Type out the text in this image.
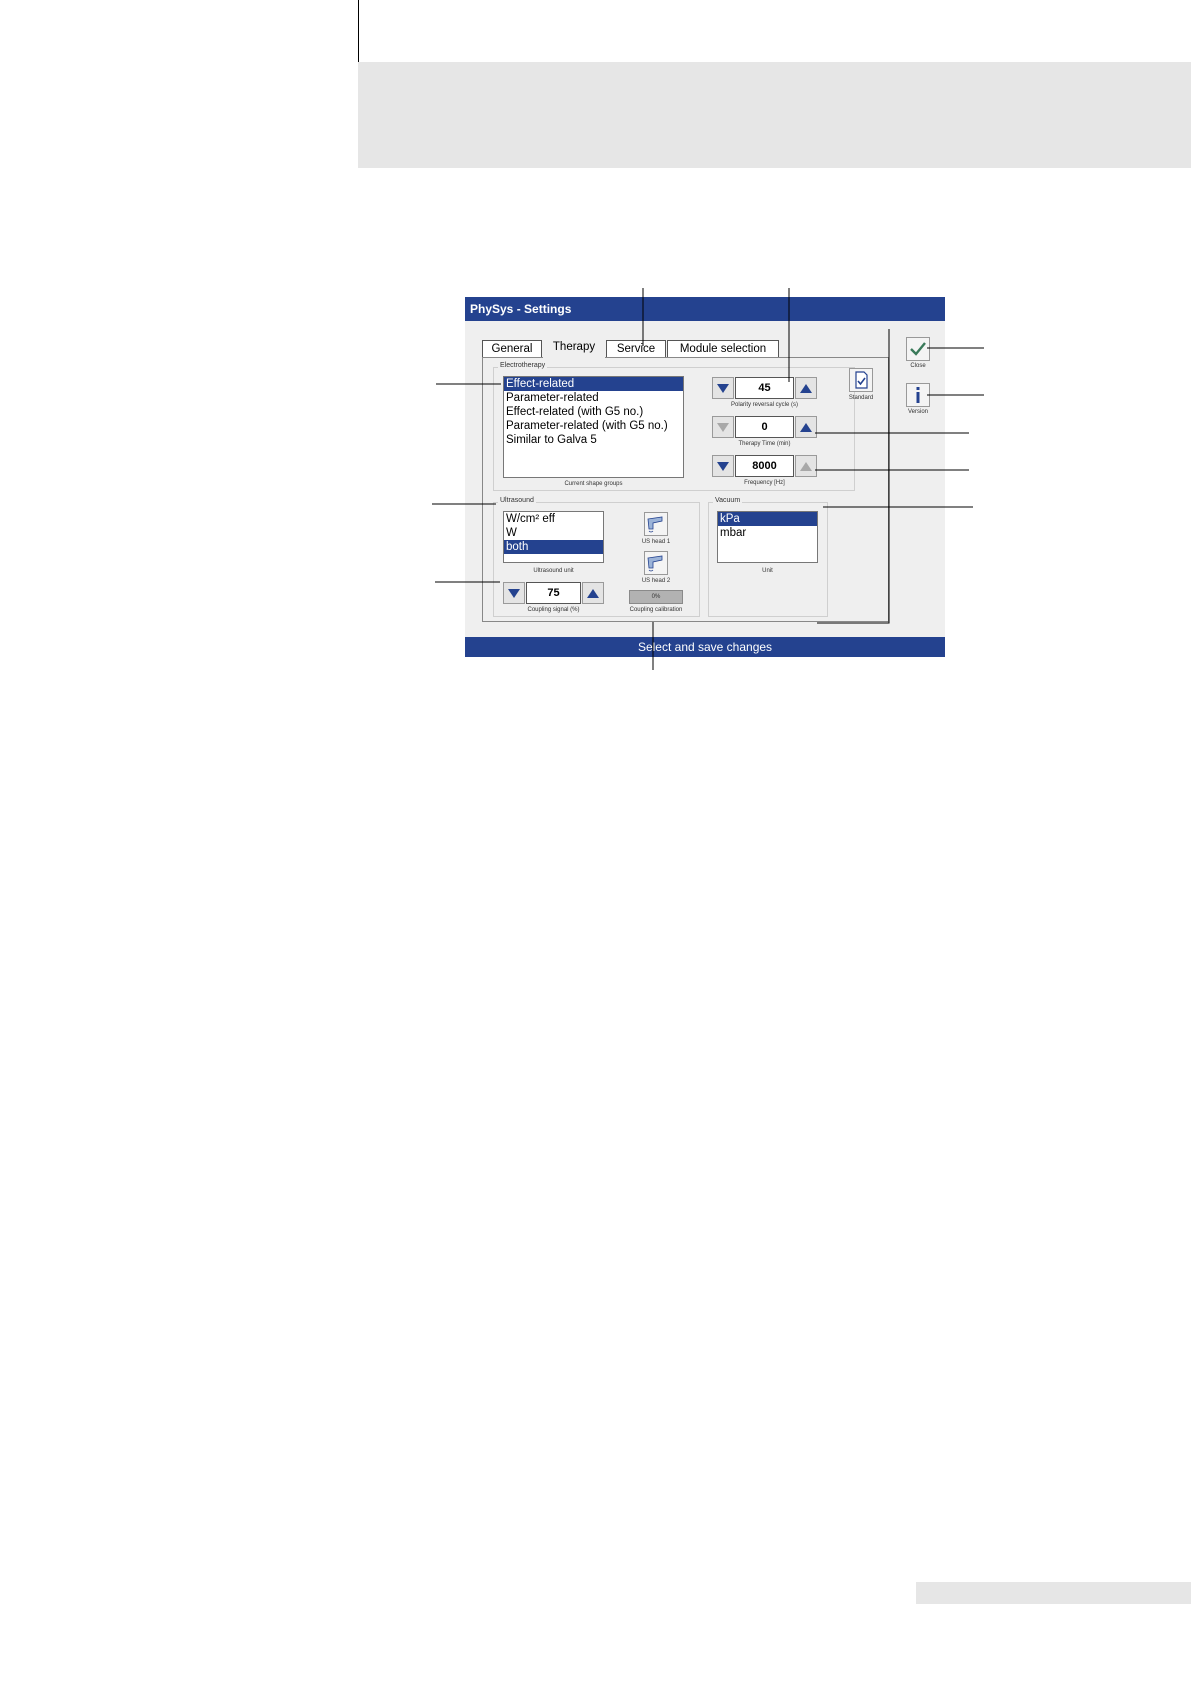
PhySys - Settings
General	Therapy	Service	Module selection
Electrotherapy
Effect-related
Parameter-related
Effect-related (with G5 no.)
Parameter-related (with G5 no.)
Similar to Galva 5
Current shape groups
45
Polarity reversal cycle (s)
0
Therapy Time (min)
8000
Frequency [Hz]
Standard
Close
Version
Ultrasound
W/cm² eff
W
both
Ultrasound unit
US head 1
US head 2
0%
Coupling calibration
75
Coupling signal (%)
Vacuum
kPa
mbar
Unit
Select and save changes
